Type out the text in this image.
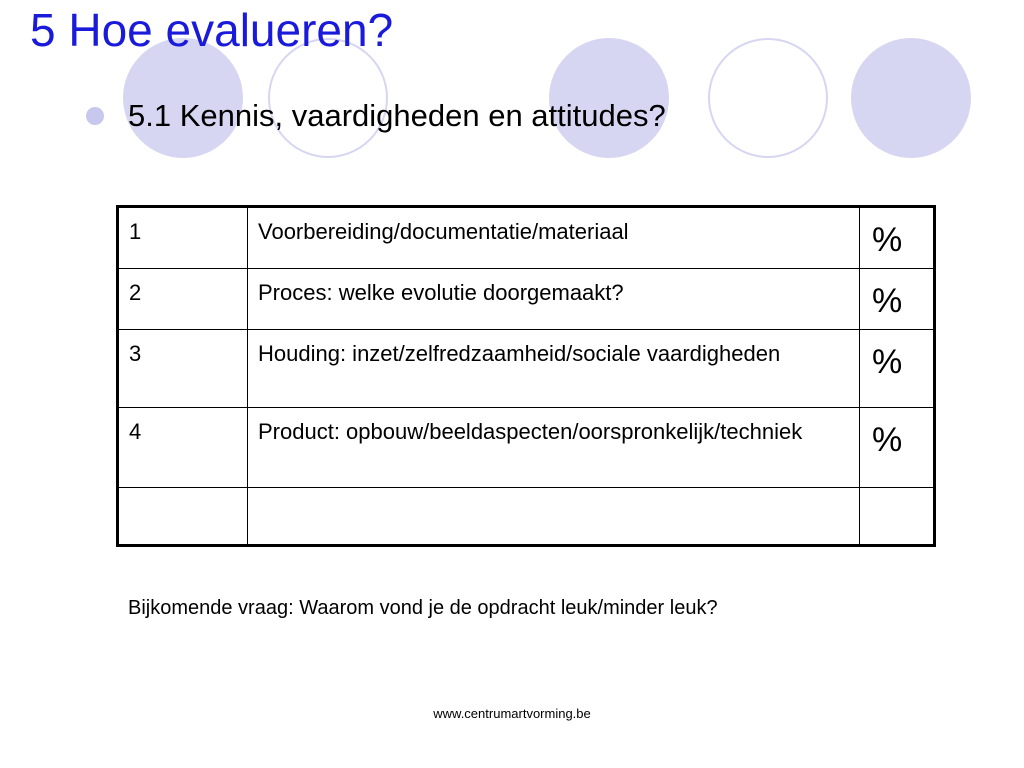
5 Hoe evalueren?
5.1 Kennis, vaardigheden en attitudes?
1	Voorbereiding/documentatie/materiaal	%
2	Proces: welke evolutie doorgemaakt?	%
3	Houding: inzet/zelfredzaamheid/sociale vaardigheden	%
4	Product: opbouw/beeldaspecten/oorspronkelijk/techniek	%

Bijkomende vraag: Waarom vond je de opdracht leuk/minder leuk?
www.centrumartvorming.be
